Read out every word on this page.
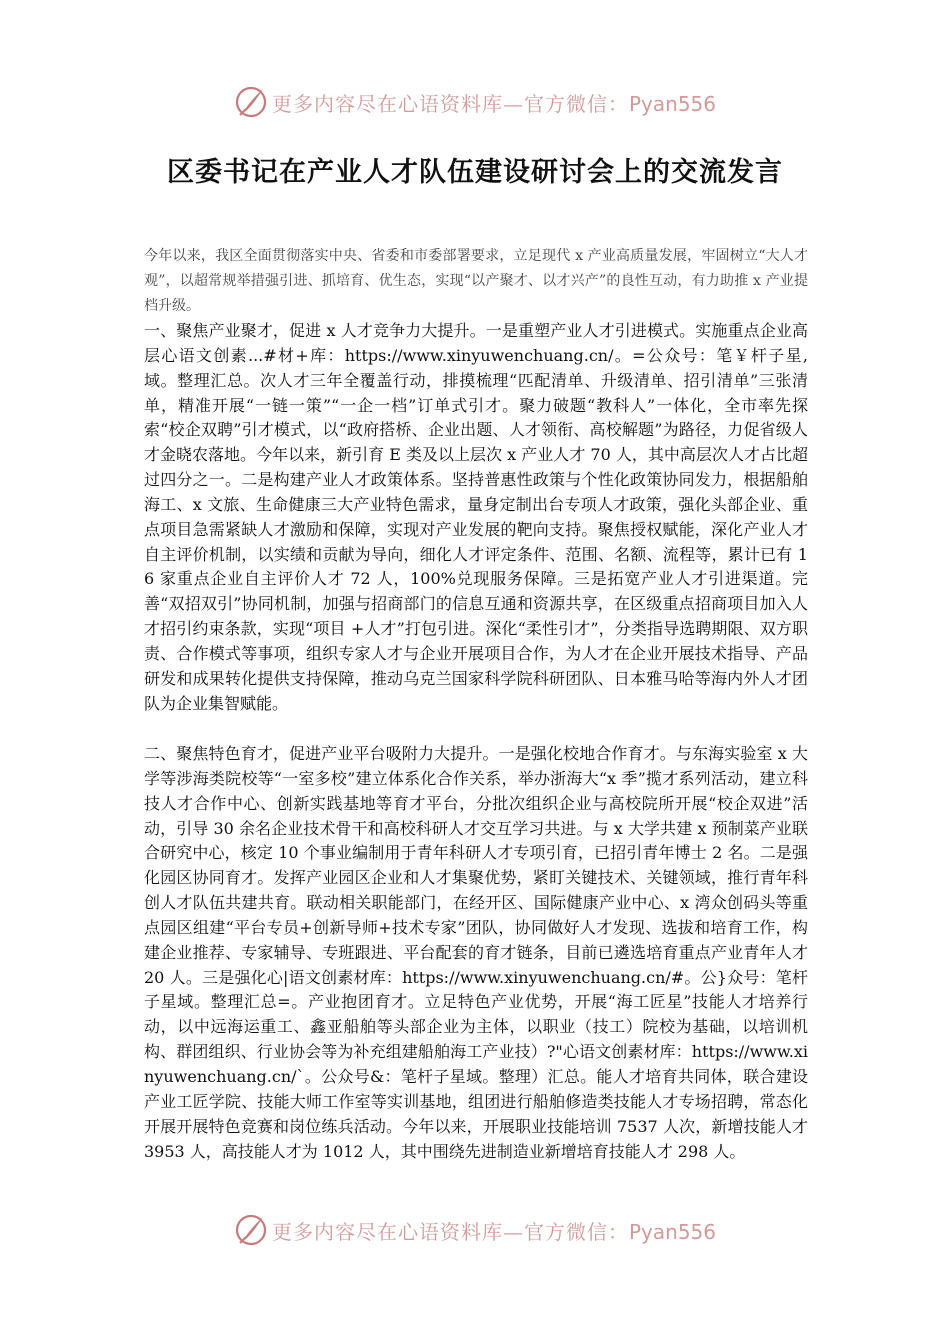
更多内容尽在心语资料库—官方微信：Pyan556
区委书记在产业人才队伍建设研讨会上的交流发言

今年以来，我区全面贯彻落实中央、省委和市委部署要求，立足现代 x 产业高质量发展，牢固树立“大人才观”，以超常规举措强引进、抓培育、优生态，实现“以产聚才、以才兴产”的良性互动，有力助推 x 产业提档升级。

一、聚焦产业聚才，促进 x 人才竞争力大提升。一是重塑产业人才引进模式。实施重点企业高层心语文创素...#材+库：https://www.xinyuwenchuang.cn/。=公众号：笔￥杆子星,域。整理汇总。次人才三年全覆盖行动，排摸梳理“匹配清单、升级清单、招引清单”三张清单，精准开展“一链一策”“一企一档”订单式引才。聚力破题“教科人”一体化，全市率先探索“校企双聘”引才模式，以“政府搭桥、企业出题、人才领衔、高校解题”为路径，力促省级人才金晓农落地。今年以来，新引育 E 类及以上层次 x 产业人才 70 人，其中高层次人才占比超过四分之一。二是构建产业人才政策体系。坚持普惠性政策与个性化政策协同发力，根据船舶海工、x 文旅、生命健康三大产业特色需求，量身定制出台专项人才政策，强化头部企业、重点项目急需紧缺人才激励和保障，实现对产业发展的靶向支持。聚焦授权赋能，深化产业人才自主评价机制，以实绩和贡献为导向，细化人才评定条件、范围、名额、流程等，累计已有 16 家重点企业自主评价人才 72 人，100%兑现服务保障。三是拓宽产业人才引进渠道。完善“双招双引”协同机制，加强与招商部门的信息互通和资源共享，在区级重点招商项目加入人才招引约束条款，实现“项目 +人才”打包引进。深化“柔性引才”，分类指导选聘期限、双方职责、合作模式等事项，组织专家人才与企业开展项目合作，为人才在企业开展技术指导、产品研发和成果转化提供支持保障，推动乌克兰国家科学院科研团队、日本雅马哈等海内外人才团队为企业集智赋能。

二、聚焦特色育才，促进产业平台吸附力大提升。一是强化校地合作育才。与东海实验室 x 大学等涉海类院校等“一室多校”建立体系化合作关系，举办浙海大“x 季”揽才系列活动，建立科技人才合作中心、创新实践基地等育才平台，分批次组织企业与高校院所开展“校企双进”活动，引导 30 余名企业技术骨干和高校科研人才交互学习共进。与 x 大学共建 x 预制菜产业联合研究中心，核定 10 个事业编制用于青年科研人才专项引育，已招引青年博士 2 名。二是强化园区协同育才。发挥产业园区企业和人才集聚优势，紧盯关键技术、关键领域，推行青年科创人才队伍共建共育。联动相关职能部门，在经开区、国际健康产业中心、x 湾众创码头等重点园区组建“平台专员+创新导师+技术专家”团队，协同做好人才发现、选拔和培育工作，构建企业推荐、专家辅导、专班跟进、平台配套的育才链条，目前已遴选培育重点产业青年人才 20 人。三是强化心|语文创素材库：https://www.xinyuwenchuang.cn/#。公}众号：笔杆子星域。整理汇总=。产业抱团育才。立足特色产业优势，开展“海工匠星”技能人才培养行动，以中远海运重工、鑫亚船舶等头部企业为主体，以职业（技工）院校为基础，以培训机构、群团组织、行业协会等为补充组建船舶海工产业技）?"心语文创素材库：https://www.xinyuwenchuang.cn/`。公众号&：笔杆子星域。整理）汇总。能人才培育共同体，联合建设产业工匠学院、技能大师工作室等实训基地，组团进行船舶修造类技能人才专场招聘，常态化开展开展特色竞赛和岗位练兵活动。今年以来，开展职业技能培训 7537 人次，新增技能人才 3953 人，高技能人才为 1012 人，其中围绕先进制造业新增培育技能人才 298 人。

更多内容尽在心语资料库—官方微信：Pyan556
